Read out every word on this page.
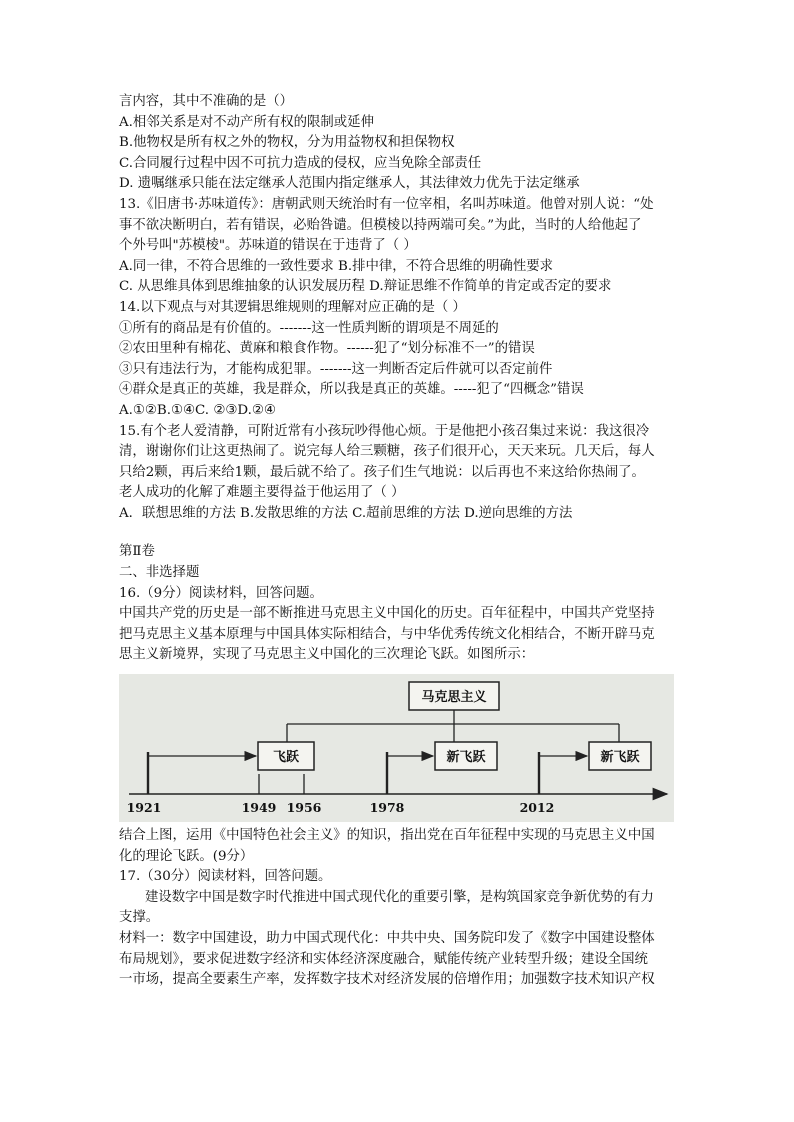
言内容，其中不准确的是（）
A.相邻关系是对不动产所有权的限制或延伸
B.他物权是所有权之外的物权，分为用益物权和担保物权
C.合同履行过程中因不可抗力造成的侵权，应当免除全部责任
D. 遗嘱继承只能在法定继承人范围内指定继承人，其法律效力优先于法定继承
13.《旧唐书·苏味道传》：唐朝武则天统治时有一位宰相，名叫苏味道。他曾对别人说：“处
事不欲决断明白，若有错误，必贻咎谴。但模棱以持两端可矣。”为此，当时的人给他起了
个外号叫"苏模棱"。苏味道的错误在于违背了（ ）
A.同一律，不符合思维的一致性要求 B.排中律，不符合思维的明确性要求
C. 从思维具体到思维抽象的认识发展历程 D.辩证思维不作简单的肯定或否定的要求
14.以下观点与对其逻辑思维规则的理解对应正确的是（ ）
①所有的商品是有价值的。-------这一性质判断的谓项是不周延的
②农田里种有棉花、黄麻和粮食作物。------犯了“划分标准不一”的错误
③只有违法行为，才能构成犯罪。-------这一判断否定后件就可以否定前件
④群众是真正的英雄，我是群众，所以我是真正的英雄。-----犯了“四概念”错误
A.①②B.①④C. ②③D.②④
15.有个老人爱清静，可附近常有小孩玩吵得他心烦。于是他把小孩召集过来说：我这很冷
清，谢谢你们让这更热闹了。说完每人给三颗糖，孩子们很开心，天天来玩。几天后，每人
只给2颗，再后来给1颗，最后就不给了。孩子们生气地说：以后再也不来这给你热闹了。
老人成功的化解了难题主要得益于他运用了（ ）
A．联想思维的方法 B.发散思维的方法 C.超前思维的方法 D.逆向思维的方法
第Ⅱ卷
二、非选择题
16.（9分）阅读材料，回答问题。
中国共产党的历史是一部不断推进马克思主义中国化的历史。百年征程中，中国共产党坚持
把马克思主义基本原理与中国具体实际相结合，与中华优秀传统文化相结合，不断开辟马克
思主义新境界，实现了马克思主义中国化的三次理论飞跃。如图所示：
马克思主义
飞跃	新飞跃	新飞跃
1921	1949 1956	1978	2012
结合上图，运用《中国特色社会主义》的知识，指出党在百年征程中实现的马克思主义中国
化的理论飞跃。(9分）
17.（30分）阅读材料，回答问题。
建设数字中国是数字时代推进中国式现代化的重要引擎，是构筑国家竞争新优势的有力
支撑。
材料一：数字中国建设，助力中国式现代化：中共中央、国务院印发了《数字中国建设整体
布局规划》，要求促进数字经济和实体经济深度融合，赋能传统产业转型升级；建设全国统
一市场，提高全要素生产率，发挥数字技术对经济发展的倍增作用；加强数字技术知识产权
